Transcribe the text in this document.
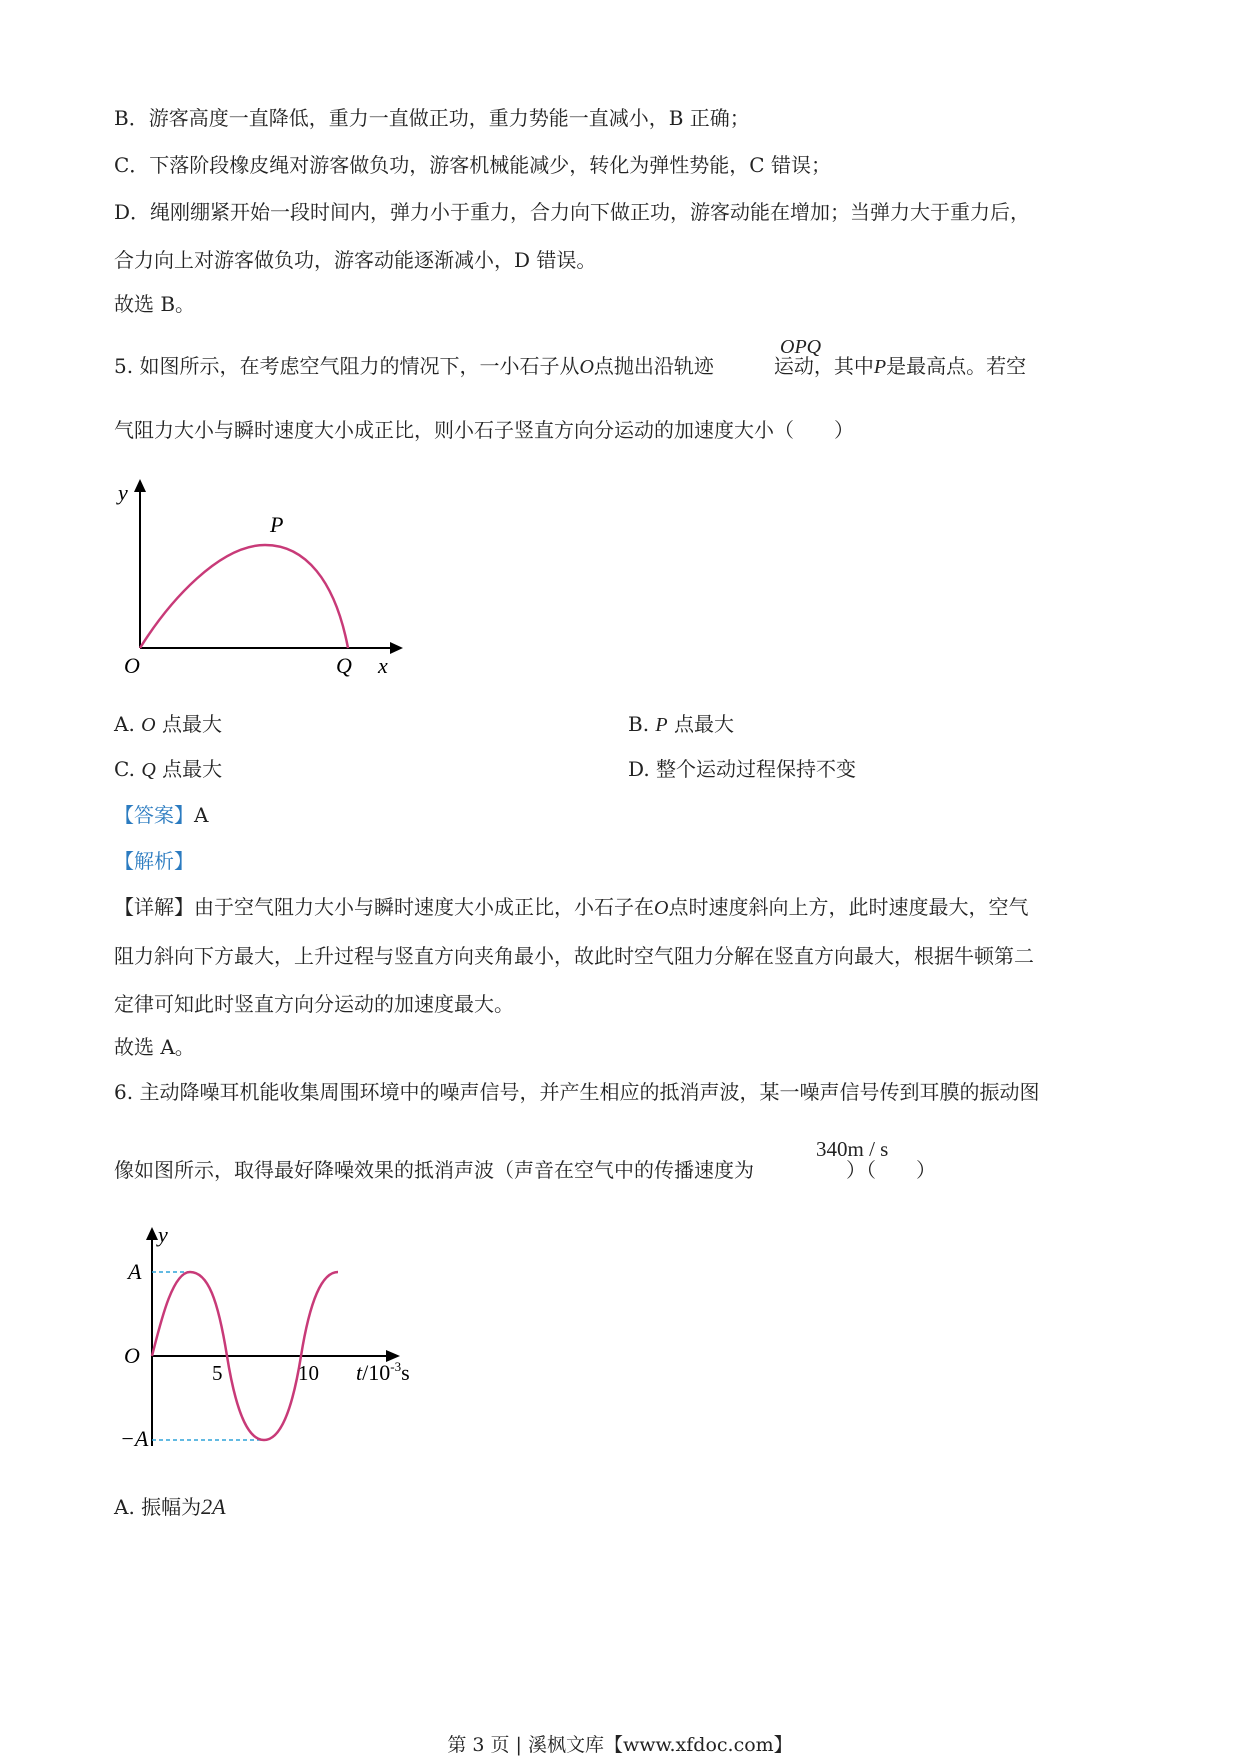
B．游客高度一直降低，重力一直做正功，重力势能一直减小，B 正确；
C．下落阶段橡皮绳对游客做负功，游客机械能减少，转化为弹性势能，C 错误；
D．绳刚绷紧开始一段时间内，弹力小于重力，合力向下做正功，游客动能在增加；当弹力大于重力后，
合力向上对游客做负功，游客动能逐渐减小，D 错误。
故选 B。
5. 如图所示，在考虑空气阻力的情况下，一小石子从O点抛出沿轨迹	运动，其中P是最高点。若空
OPQ
气阻力大小与瞬时速度大小成正比，则小石子竖直方向分运动的加速度大小（　　）
y
P
O	Q x
A. O 点最大	B. P 点最大
C. Q 点最大	D. 整个运动过程保持不变
【答案】A
【解析】
【详解】由于空气阻力大小与瞬时速度大小成正比，小石子在O点时速度斜向上方，此时速度最大，空气
阻力斜向下方最大，上升过程与竖直方向夹角最小，故此时空气阻力分解在竖直方向最大，根据牛顿第二
定律可知此时竖直方向分运动的加速度最大。
故选 A。
6. 主动降噪耳机能收集周围环境中的噪声信号，并产生相应的抵消声波，某一噪声信号传到耳膜的振动图
像如图所示，取得最好降噪效果的抵消声波（声音在空气中的传播速度为	）（　　）
340m / s
y
A
−A
O
5	10 $t/10^{-3}s$
A. 振幅为2A
第 3 页 | 溪枫文库【www.xfdoc.com】
